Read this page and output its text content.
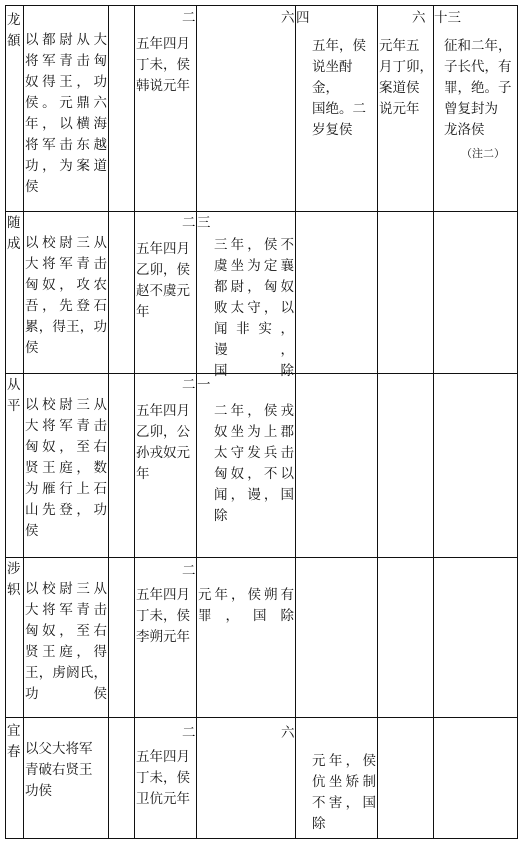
龙
頟 以都尉从大
将军青击匈
奴得王，功
侯。元鼎六
年，以横海
将军击东越
功，为案道
侯

二

五年四月
丁未，侯
韩说元年

六 四

五年，侯
说坐酎金，
国绝。二
岁复侯

六

元年五
月丁卯，
案道侯
说元年

十三

征和二年，
子长代，有
罪，绝。子
曾复封为
龙洛侯

（注二）

随
成 以校尉三从
大将军青击
匈奴，攻农
吾，先登石
累，得王，功
侯

二

五年四月
乙卯，侯
赵不虞元
年

三

三年，侯不
虞坐为定襄
都尉，匈奴
败太守，以
闻非实，谩，
国除

从
平 以校尉三从
大将军青击
匈奴，至右
贤王庭，数
为雁行上石
山先登，功
侯

二

五年四月
乙卯，公
孙戎奴元
年

一

二年，侯戎
奴坐为上郡
太守发兵击
匈奴，不以
闻，谩，国除

涉
轵 以校尉三从
大将军青击
匈奴，至右
贤王庭，得
王，虏阏氏，
功侯

二

五年四月
丁未，侯
李朔元年

元年，侯朔有
罪，国除

宜
春 以父大将军
青破右贤王
功侯

二

五年四月
丁未，侯
卫伉元年

六

元年，侯
伉坐矫制
不害，国
除
